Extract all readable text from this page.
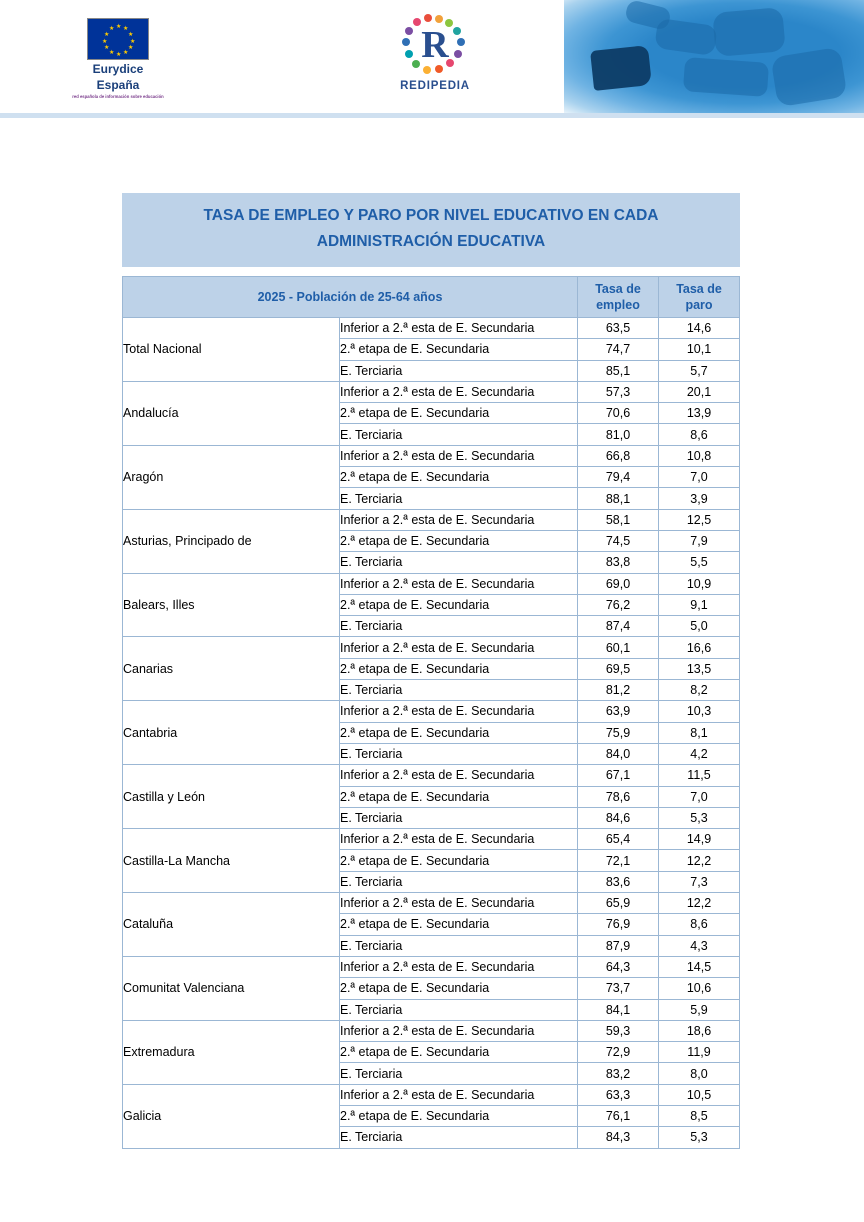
★ ★
★
★
★
★
★
★
★
★
★
★
Eurydice
España
red española de información sobre educación
R
REDIPEDIA
TASA DE EMPLEO Y PARO POR NIVEL EDUCATIVO EN CADA ADMINISTRACIÓN EDUCATIVA
2025 - Población de 25-64 años		Tasa de empleo	Tasa de paro
Total Nacional	Inferior a 2.ª esta de E. Secundaria	63,5	14,6
	2.ª etapa de E. Secundaria	74,7	10,1
	E. Terciaria	85,1	5,7
Andalucía	Inferior a 2.ª esta de E. Secundaria	57,3	20,1
	2.ª etapa de E. Secundaria	70,6	13,9
	E. Terciaria	81,0	8,6
Aragón	Inferior a 2.ª esta de E. Secundaria	66,8	10,8
	2.ª etapa de E. Secundaria	79,4	7,0
	E. Terciaria	88,1	3,9
Asturias, Principado de	Inferior a 2.ª esta de E. Secundaria	58,1	12,5
	2.ª etapa de E. Secundaria	74,5	7,9
	E. Terciaria	83,8	5,5
Balears, Illes	Inferior a 2.ª esta de E. Secundaria	69,0	10,9
	2.ª etapa de E. Secundaria	76,2	9,1
	E. Terciaria	87,4	5,0
Canarias	Inferior a 2.ª esta de E. Secundaria	60,1	16,6
	2.ª etapa de E. Secundaria	69,5	13,5
	E. Terciaria	81,2	8,2
Cantabria	Inferior a 2.ª esta de E. Secundaria	63,9	10,3
	2.ª etapa de E. Secundaria	75,9	8,1
	E. Terciaria	84,0	4,2
Castilla y León	Inferior a 2.ª esta de E. Secundaria	67,1	11,5
	2.ª etapa de E. Secundaria	78,6	7,0
	E. Terciaria	84,6	5,3
Castilla-La Mancha	Inferior a 2.ª esta de E. Secundaria	65,4	14,9
	2.ª etapa de E. Secundaria	72,1	12,2
	E. Terciaria	83,6	7,3
Cataluña	Inferior a 2.ª esta de E. Secundaria	65,9	12,2
	2.ª etapa de E. Secundaria	76,9	8,6
	E. Terciaria	87,9	4,3
Comunitat Valenciana	Inferior a 2.ª esta de E. Secundaria	64,3	14,5
	2.ª etapa de E. Secundaria	73,7	10,6
	E. Terciaria	84,1	5,9
Extremadura	Inferior a 2.ª esta de E. Secundaria	59,3	18,6
	2.ª etapa de E. Secundaria	72,9	11,9
	E. Terciaria	83,2	8,0
Galicia	Inferior a 2.ª esta de E. Secundaria	63,3	10,5
	2.ª etapa de E. Secundaria	76,1	8,5
	E. Terciaria	84,3	5,3
